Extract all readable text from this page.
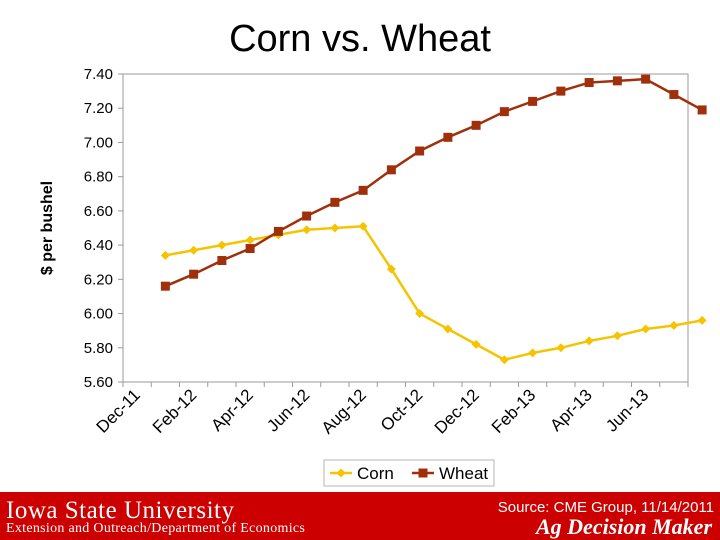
Corn vs. Wheat
7.40
7.20
7.00
6.80
6.60
6.40
6.20
6.00
5.80
5.60
$ per bushel
Dec-11 Feb-12 Apr-12 Jun-12 Aug-12 Oct-12 Dec-12 Feb-13 Apr-13 Jun-13
Corn	Wheat
Iowa State University
Extension and Outreach/Department of Economics
Source: CME Group, 11/14/2011
Ag Decision Maker
